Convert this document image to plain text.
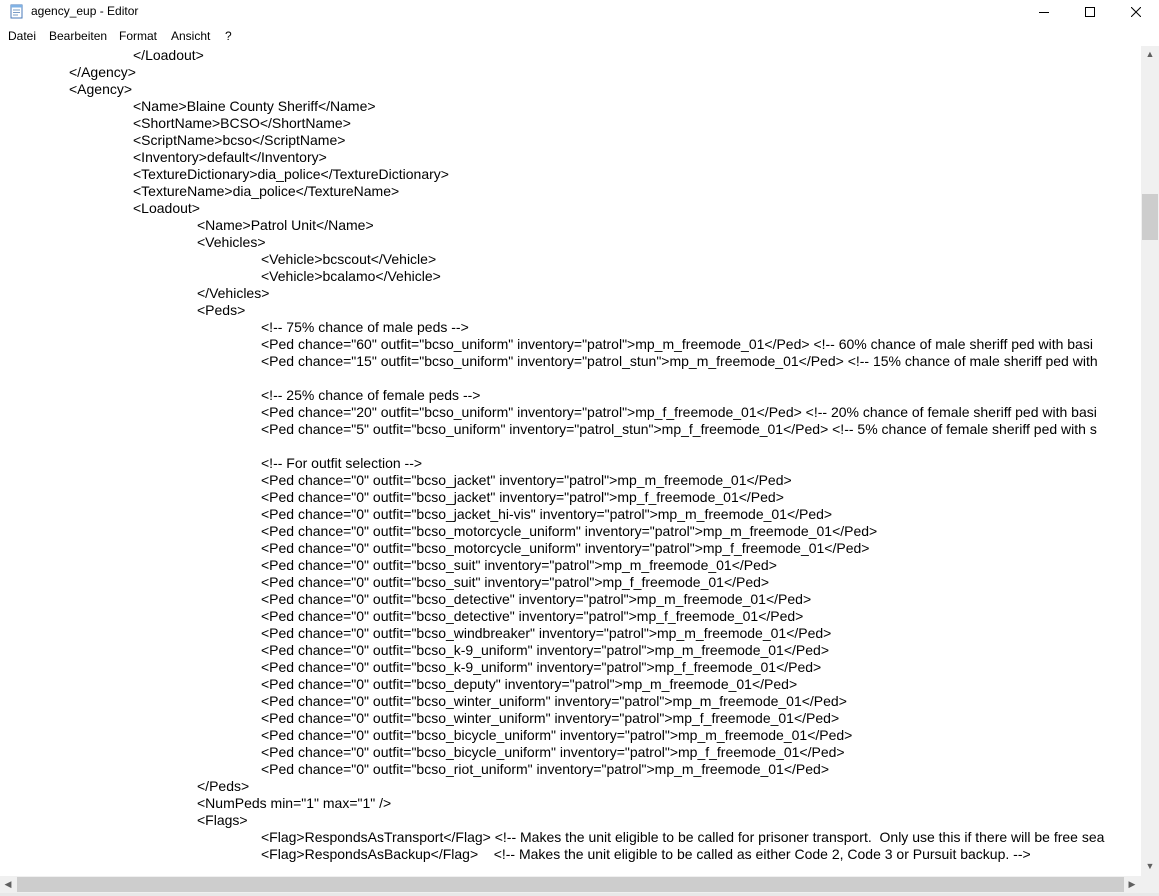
agency_eup - Editor
Datei Bearbeiten Format Ansicht ?
</Loadout>
</Agency>
<Agency>
<Name>Blaine County Sheriff</Name>
<ShortName>BCSO</ShortName>
<ScriptName>bcso</ScriptName>
<Inventory>default</Inventory>
<TextureDictionary>dia_police</TextureDictionary>
<TextureName>dia_police</TextureName>
<Loadout>
<Name>Patrol Unit</Name>
<Vehicles>
<Vehicle>bcscout</Vehicle>
<Vehicle>bcalamo</Vehicle>
</Vehicles>
<Peds>
<!-- 75% chance of male peds -->
<Ped chance="60" outfit="bcso_uniform" inventory="patrol">mp_m_freemode_01</Ped> <!-- 60% chance of male sheriff ped with basi
<Ped chance="15" outfit="bcso_uniform" inventory="patrol_stun">mp_m_freemode_01</Ped> <!-- 15% chance of male sheriff ped with
<!-- 25% chance of female peds -->
<Ped chance="20" outfit="bcso_uniform" inventory="patrol">mp_f_freemode_01</Ped> <!-- 20% chance of female sheriff ped with basi
<Ped chance="5" outfit="bcso_uniform" inventory="patrol_stun">mp_f_freemode_01</Ped> <!-- 5% chance of female sheriff ped with s
<!-- For outfit selection -->
<Ped chance="0" outfit="bcso_jacket" inventory="patrol">mp_m_freemode_01</Ped>
<Ped chance="0" outfit="bcso_jacket" inventory="patrol">mp_f_freemode_01</Ped>
<Ped chance="0" outfit="bcso_jacket_hi-vis" inventory="patrol">mp_m_freemode_01</Ped>
<Ped chance="0" outfit="bcso_motorcycle_uniform" inventory="patrol">mp_m_freemode_01</Ped>
<Ped chance="0" outfit="bcso_motorcycle_uniform" inventory="patrol">mp_f_freemode_01</Ped>
<Ped chance="0" outfit="bcso_suit" inventory="patrol">mp_m_freemode_01</Ped>
<Ped chance="0" outfit="bcso_suit" inventory="patrol">mp_f_freemode_01</Ped>
<Ped chance="0" outfit="bcso_detective" inventory="patrol">mp_m_freemode_01</Ped>
<Ped chance="0" outfit="bcso_detective" inventory="patrol">mp_f_freemode_01</Ped>
<Ped chance="0" outfit="bcso_windbreaker" inventory="patrol">mp_m_freemode_01</Ped>
<Ped chance="0" outfit="bcso_k-9_uniform" inventory="patrol">mp_m_freemode_01</Ped>
<Ped chance="0" outfit="bcso_k-9_uniform" inventory="patrol">mp_f_freemode_01</Ped>
<Ped chance="0" outfit="bcso_deputy" inventory="patrol">mp_m_freemode_01</Ped>
<Ped chance="0" outfit="bcso_winter_uniform" inventory="patrol">mp_m_freemode_01</Ped>
<Ped chance="0" outfit="bcso_winter_uniform" inventory="patrol">mp_f_freemode_01</Ped>
<Ped chance="0" outfit="bcso_bicycle_uniform" inventory="patrol">mp_m_freemode_01</Ped>
<Ped chance="0" outfit="bcso_bicycle_uniform" inventory="patrol">mp_f_freemode_01</Ped>
<Ped chance="0" outfit="bcso_riot_uniform" inventory="patrol">mp_m_freemode_01</Ped>
</Peds>
<NumPeds min="1" max="1" />
<Flags>
<Flag>RespondsAsTransport</Flag> <!-- Makes the unit eligible to be called for prisoner transport.  Only use this if there will be free sea
<Flag>RespondsAsBackup</Flag>    <!-- Makes the unit eligible to be called as either Code 2, Code 3 or Pursuit backup. -->
▲
▼
◀	▶
